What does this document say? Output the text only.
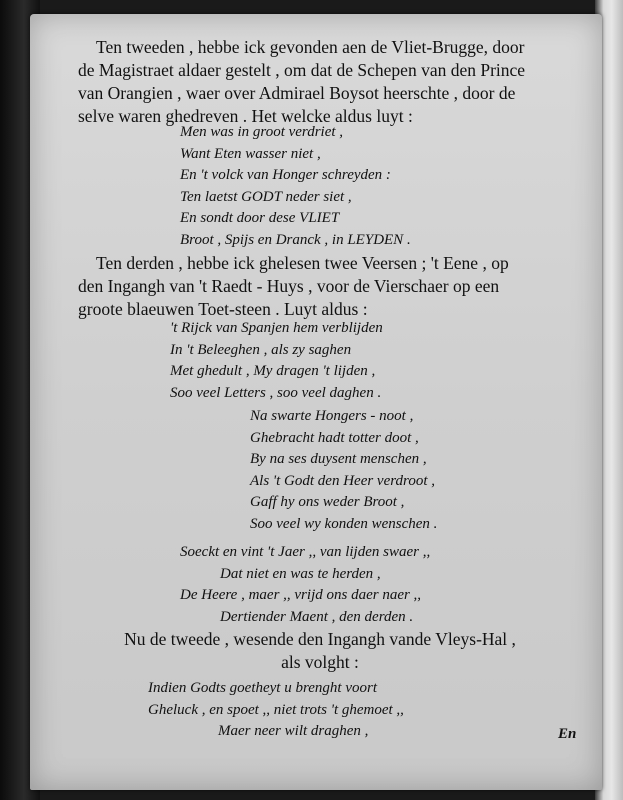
Ten tweeden , hebbe ick gevonden aen de Vliet-Brugge, door
de Magistraet aldaer gestelt , om dat de Schepen van den Prince
van Orangien , waer over Admirael Boysot heerschte , door de
selve waren ghedreven . Het welcke aldus luyt :

Men was in groot verdriet ,
Want Eten wasser niet ,
En 't volck van Honger schreyden :
Ten laetst GODT neder siet ,
En sondt door dese VLIET
Broot , Spijs en Dranck , in LEYDEN .

Ten derden , hebbe ick ghelesen twee Veersen ; 't Eene , op
den Ingangh van 't Raedt - Huys , voor de Vierschaer op een
groote blaeuwen Toet-steen . Luyt aldus :

't Rijck van Spanjen hem verblijden
In 't Beleeghen , als zy saghen
Met ghedult , My dragen 't lijden ,
Soo veel Letters , soo veel daghen .

Na swarte Hongers - noot ,
Ghebracht hadt totter doot ,
By na ses duysent menschen ,
Als 't Godt den Heer verdroot ,
Gaff hy ons weder Broot ,
Soo veel wy konden wenschen .

Soeckt en vint 't Jaer ,, van lijden swaer ,,
Dat niet en was te herden ,
De Heere , maer ,, vrijd ons daer naer ,,
Dertiender Maent , den derden .

Nu de tweede , wesende den Ingangh vande Vleys-Hal ,
als volght :

Indien Godts goetheyt u brenght voort
Gheluck , en spoet ,, niet trots 't ghemoet ,,
Maer neer wilt draghen ,	En
